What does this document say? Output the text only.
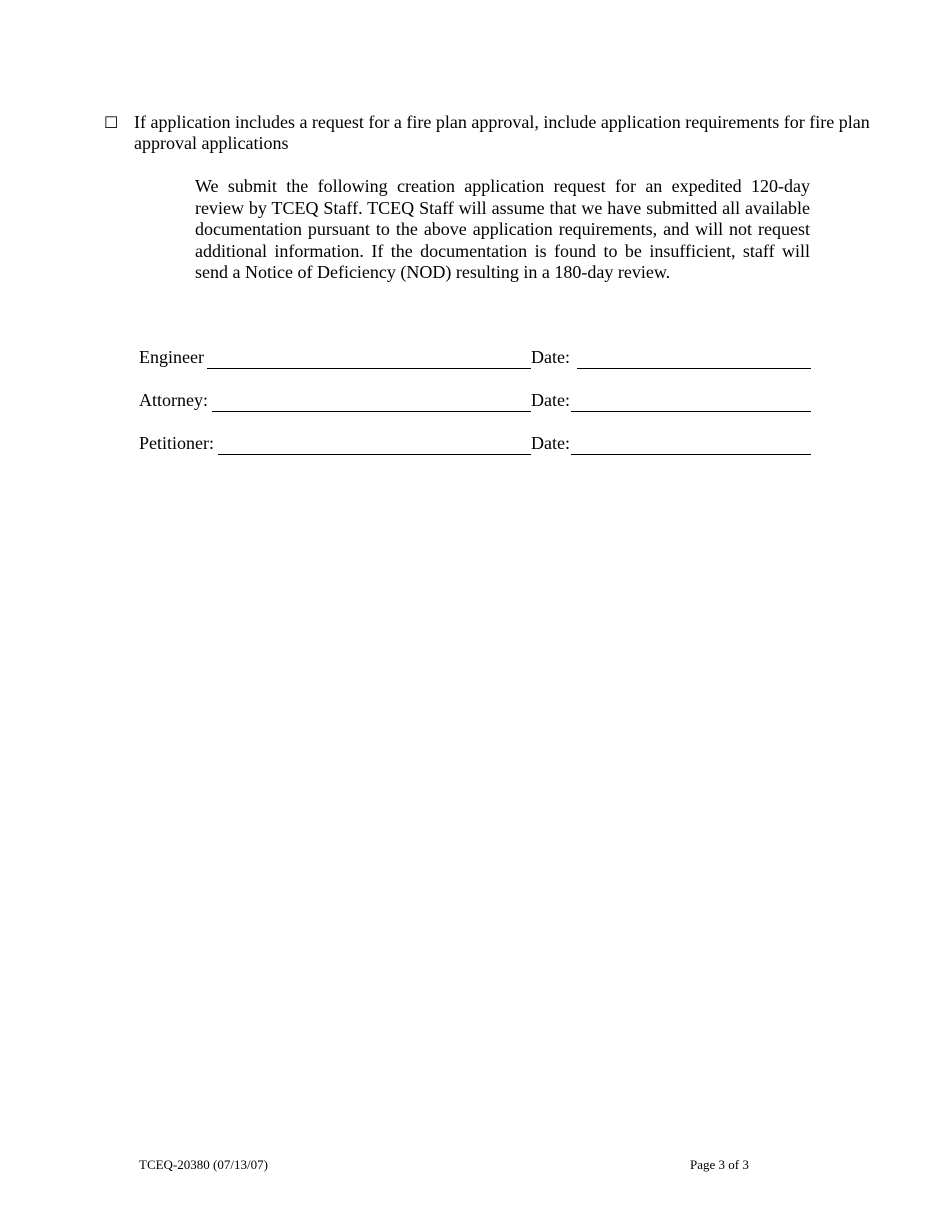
☐ If application includes a request for a fire plan approval, include application requirements for fire plan approval applications
We submit the following creation application request for an expedited 120-day review by TCEQ Staff. TCEQ Staff will assume that we have submitted all available documentation pursuant to the above application requirements, and will not request additional information. If the documentation is found to be insufficient, staff will send a Notice of Deficiency (NOD) resulting in a 180-day review.
Engineer	Date:
Attorney:	Date:
Petitioner:	Date:
TCEQ-20380 (07/13/07)	Page 3 of 3
